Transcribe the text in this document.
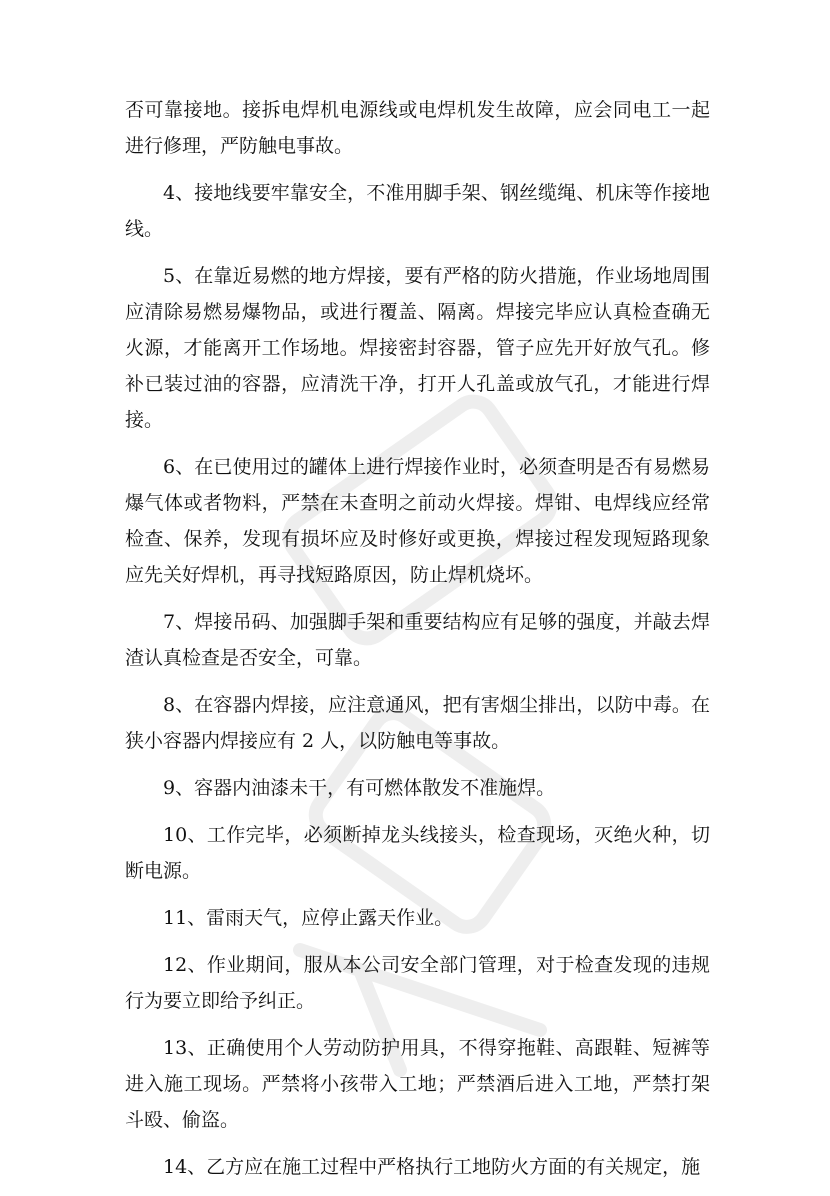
否可靠接地。接拆电焊机电源线或电焊机发生故障，应会同电工一起进行修理，严防触电事故。

4、接地线要牢靠安全，不准用脚手架、钢丝缆绳、机床等作接地线。

5、在靠近易燃的地方焊接，要有严格的防火措施，作业场地周围应清除易燃易爆物品，或进行覆盖、隔离。焊接完毕应认真检查确无火源，才能离开工作场地。焊接密封容器，管子应先开好放气孔。修补已装过油的容器，应清洗干净，打开人孔盖或放气孔，才能进行焊接。

6、在已使用过的罐体上进行焊接作业时，必须查明是否有易燃易爆气体或者物料，严禁在未查明之前动火焊接。焊钳、电焊线应经常检查、保养，发现有损坏应及时修好或更换，焊接过程发现短路现象应先关好焊机，再寻找短路原因，防止焊机烧坏。

7、焊接吊码、加强脚手架和重要结构应有足够的强度，并敲去焊渣认真检查是否安全，可靠。

8、在容器内焊接，应注意通风，把有害烟尘排出，以防中毒。在狭小容器内焊接应有 2 人，以防触电等事故。

9、容器内油漆未干，有可燃体散发不准施焊。

10、工作完毕，必须断掉龙头线接头，检查现场，灭绝火种，切断电源。

11、雷雨天气，应停止露天作业。

12、作业期间，服从本公司安全部门管理，对于检查发现的违规行为要立即给予纠正。

13、正确使用个人劳动防护用具，不得穿拖鞋、高跟鞋、短裤等进入施工现场。严禁将小孩带入工地；严禁酒后进入工地，严禁打架斗殴、偷盗。

14、乙方应在施工过程中严格执行工地防火方面的有关规定，施
